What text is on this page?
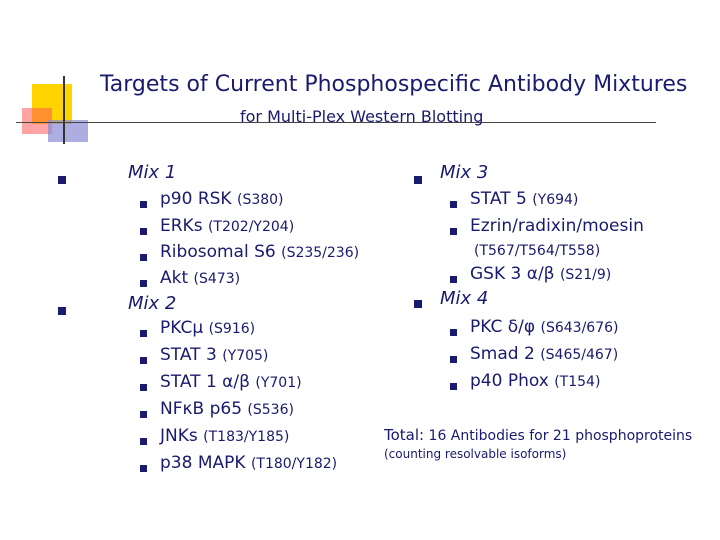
Targets of Current Phosphospecific Antibody Mixtures
for Multi-Plex Western Blotting
Mix 1
p90 RSK (S380)
ERKs (T202/Y204)
Ribosomal S6 (S235/236)
Akt (S473)
Mix 2
PKCμ (S916)
STAT 3 (Y705)
STAT 1 α/β (Y701)
NFκB p65 (S536)
JNKs (T183/Y185)
p38 MAPK (T180/Y182)
Mix 3
STAT 5 (Y694)
Ezrin/radixin/moesin
(T567/T564/T558)
GSK 3 α/β (S21/9)
Mix 4
PKC δ/φ (S643/676)
Smad 2 (S465/467)
p40 Phox (T154)
Total: 16 Antibodies for 21 phosphoproteins
(counting resolvable isoforms)
